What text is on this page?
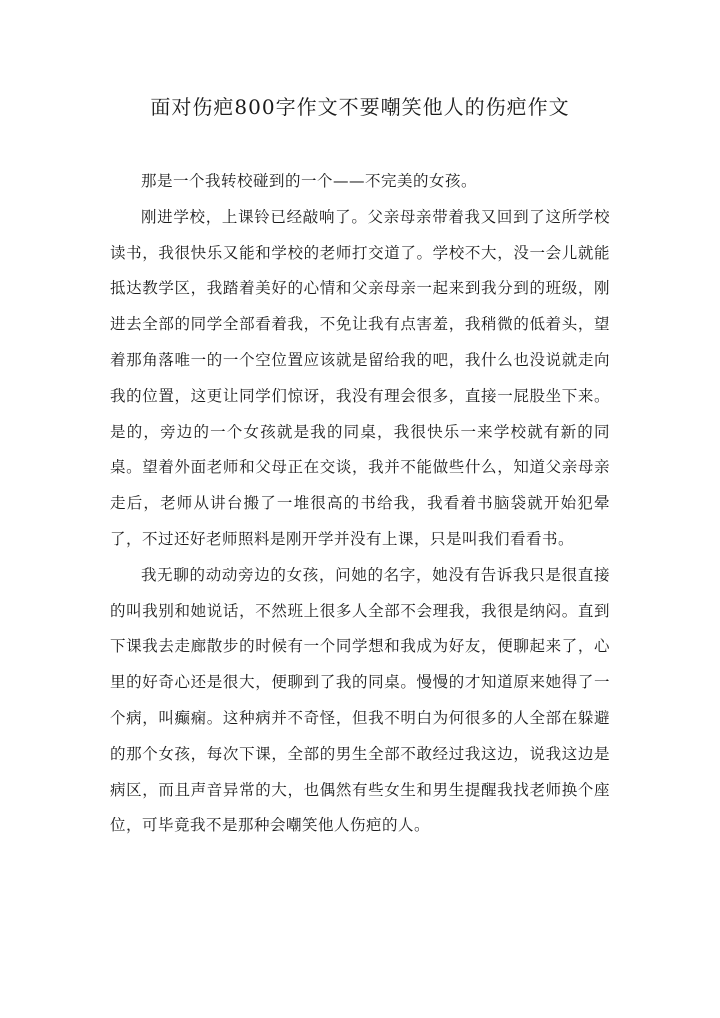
面对伤疤800字作文不要嘲笑他人的伤疤作文

那是一个我转校碰到的一个——不完美的女孩。

刚进学校，上课铃已经敲响了。父亲母亲带着我又回到了这所学校读书，我很快乐又能和学校的老师打交道了。学校不大，没一会儿就能抵达教学区，我踏着美好的心情和父亲母亲一起来到我分到的班级，刚进去全部的同学全部看着我，不免让我有点害羞，我稍微的低着头，望着那角落唯一的一个空位置应该就是留给我的吧，我什么也没说就走向我的位置，这更让同学们惊讶，我没有理会很多，直接一屁股坐下来。是的，旁边的一个女孩就是我的同桌，我很快乐一来学校就有新的同桌。望着外面老师和父母正在交谈，我并不能做些什么，知道父亲母亲走后，老师从讲台搬了一堆很高的书给我，我看着书脑袋就开始犯晕了，不过还好老师照料是刚开学并没有上课，只是叫我们看看书。

我无聊的动动旁边的女孩，问她的名字，她没有告诉我只是很直接的叫我别和她说话，不然班上很多人全部不会理我，我很是纳闷。直到下课我去走廊散步的时候有一个同学想和我成为好友，便聊起来了，心里的好奇心还是很大，便聊到了我的同桌。慢慢的才知道原来她得了一个病，叫癫痫。这种病并不奇怪，但我不明白为何很多的人全部在躲避的那个女孩，每次下课，全部的男生全部不敢经过我这边，说我这边是病区，而且声音异常的大，也偶然有些女生和男生提醒我找老师换个座位，可毕竟我不是那种会嘲笑他人伤疤的人。
